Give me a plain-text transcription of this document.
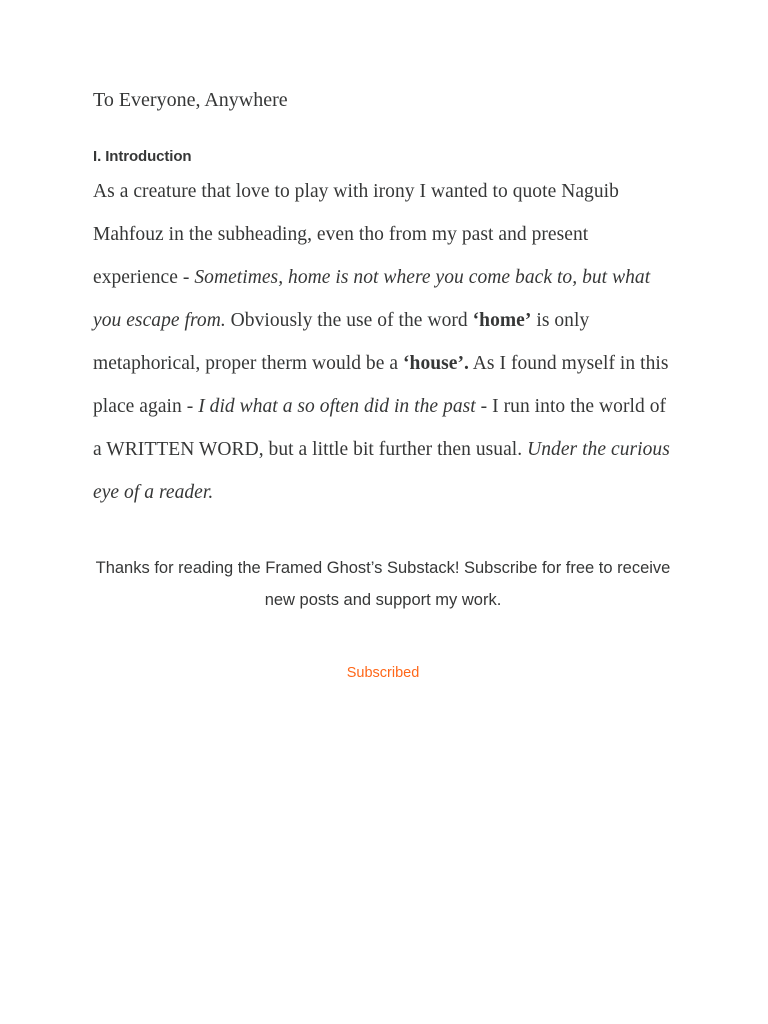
To Everyone, Anywhere

I. Introduction

As a creature that love to play with irony I wanted to quote Naguib Mahfouz in the subheading, even tho from my past and present experience - Sometimes, home is not where you come back to, but what you escape from. Obviously the use of the word ‘home’ is only metaphorical, proper therm would be a ‘house’. As I found myself in this place again - I did what a so often did in the past - I run into the world of a WRITTEN WORD, but a little bit further then usual. Under the curious eye of a reader.

Thanks for reading the Framed Ghost’s Substack! Subscribe for free to receive new posts and support my work.

Subscribed
